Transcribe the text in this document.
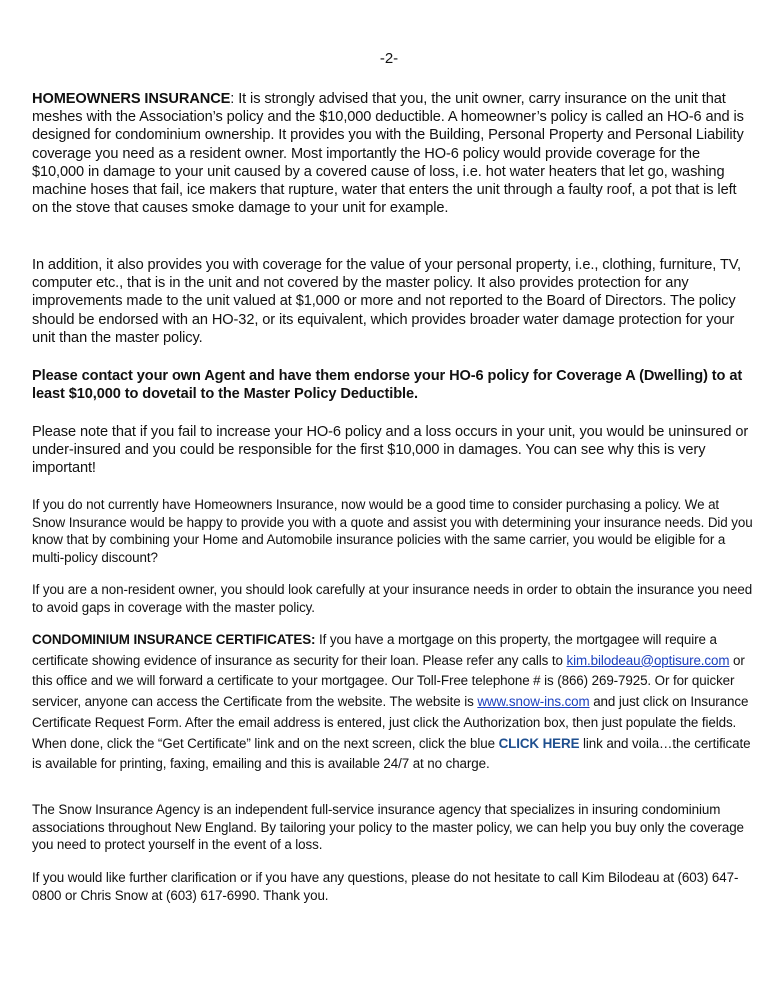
-2-

HOMEOWNERS INSURANCE: It is strongly advised that you, the unit owner, carry insurance on the unit that meshes with the Association’s policy and the $10,000 deductible. A homeowner’s policy is called an HO-6 and is designed for condominium ownership. It provides you with the Building, Personal Property and Personal Liability coverage you need as a resident owner. Most importantly the HO-6 policy would provide coverage for the $10,000 in damage to your unit caused by a covered cause of loss, i.e. hot water heaters that let go, washing machine hoses that fail, ice makers that rupture, water that enters the unit through a faulty roof, a pot that is left on the stove that causes smoke damage to your unit for example.

In addition, it also provides you with coverage for the value of your personal property, i.e., clothing, furniture, TV, computer etc., that is in the unit and not covered by the master policy. It also provides protection for any improvements made to the unit valued at $1,000 or more and not reported to the Board of Directors. The policy should be endorsed with an HO-32, or its equivalent, which provides broader water damage protection for your unit than the master policy.

Please contact your own Agent and have them endorse your HO-6 policy for Coverage A (Dwelling) to at least $10,000 to dovetail to the Master Policy Deductible.

Please note that if you fail to increase your HO-6 policy and a loss occurs in your unit, you would be uninsured or under-insured and you could be responsible for the first $10,000 in damages. You can see why this is very important!

If you do not currently have Homeowners Insurance, now would be a good time to consider purchasing a policy. We at Snow Insurance would be happy to provide you with a quote and assist you with determining your insurance needs. Did you know that by combining your Home and Automobile insurance policies with the same carrier, you would be eligible for a multi-policy discount?

If you are a non-resident owner, you should look carefully at your insurance needs in order to obtain the insurance you need to avoid gaps in coverage with the master policy.

CONDOMINIUM INSURANCE CERTIFICATES: If you have a mortgage on this property, the mortgagee will require a certificate showing evidence of insurance as security for their loan. Please refer any calls to kim.bilodeau@optisure.com or this office and we will forward a certificate to your mortgagee. Our Toll-Free telephone # is (866) 269-7925. Or for quicker servicer, anyone can access the Certificate from the website. The website is www.snow-ins.com and just click on Insurance Certificate Request Form. After the email address is entered, just click the Authorization box, then just populate the fields. When done, click the “Get Certificate” link and on the next screen, click the blue CLICK HERE link and voila…the certificate is available for printing, faxing, emailing and this is available 24/7 at no charge.

The Snow Insurance Agency is an independent full-service insurance agency that specializes in insuring condominium associations throughout New England. By tailoring your policy to the master policy, we can help you buy only the coverage you need to protect yourself in the event of a loss.

If you would like further clarification or if you have any questions, please do not hesitate to call Kim Bilodeau at (603) 647-0800 or Chris Snow at (603) 617-6990. Thank you.
